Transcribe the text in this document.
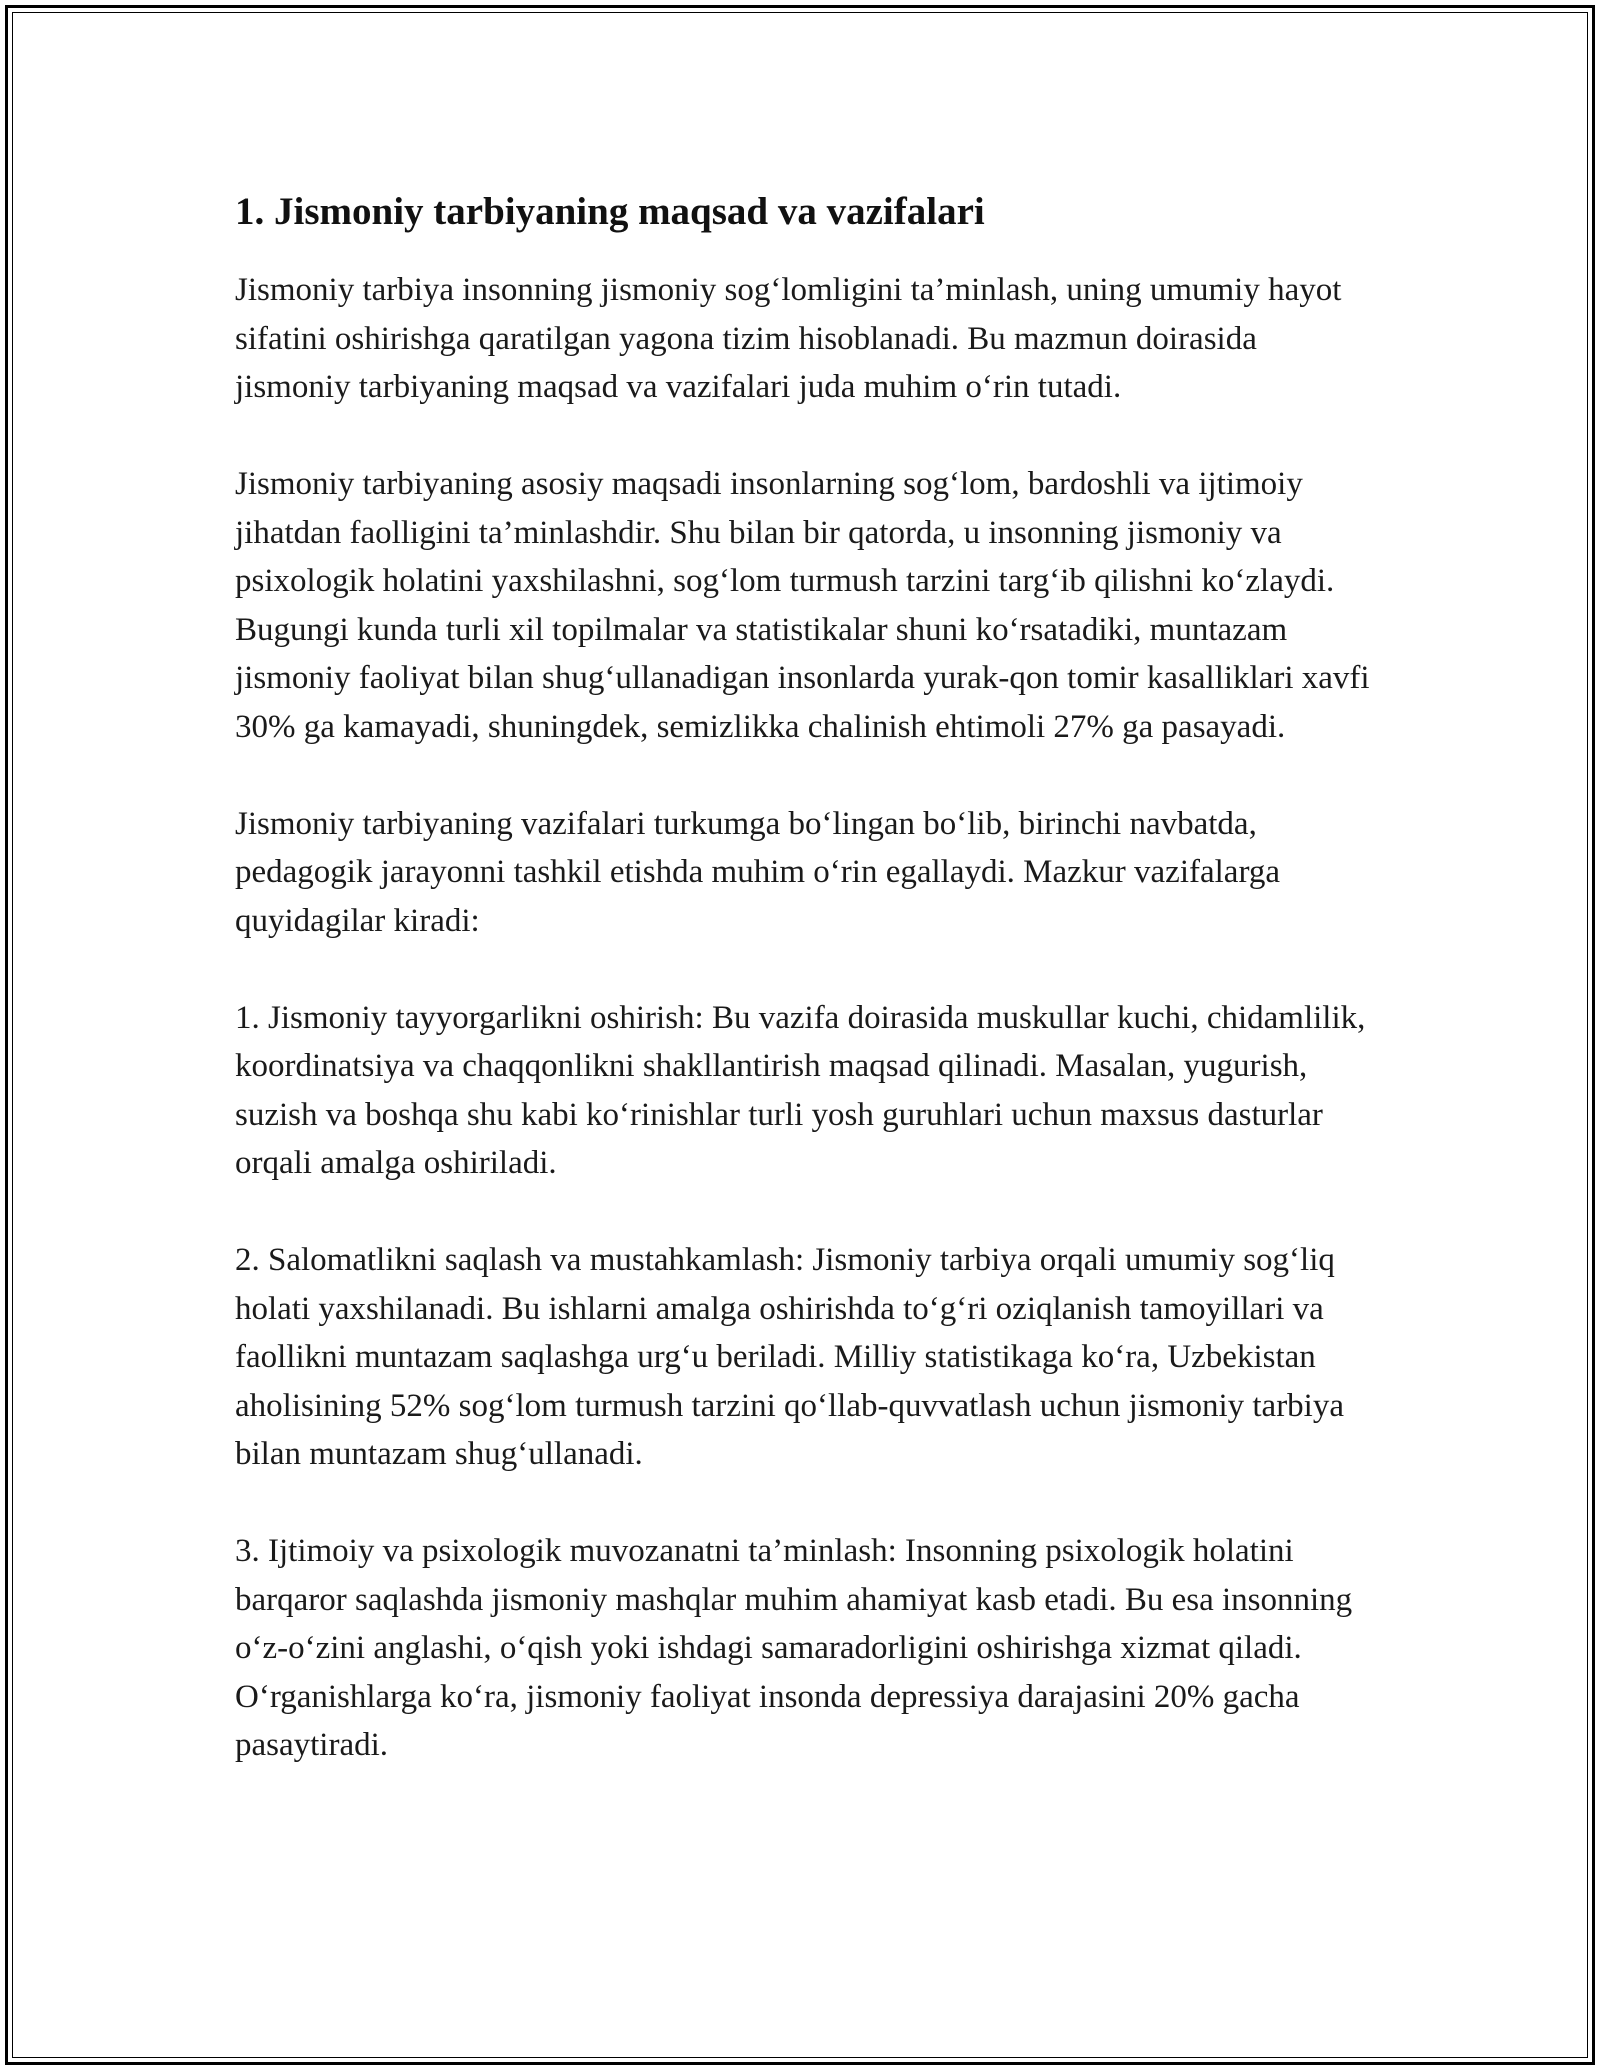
1. Jismoniy tarbiyaning maqsad va vazifalari

Jismoniy tarbiya insonning jismoniy sog‘lomligini ta’minlash, uning umumiy hayot sifatini oshirishga qaratilgan yagona tizim hisoblanadi. Bu mazmun doirasida jismoniy tarbiyaning maqsad va vazifalari juda muhim o‘rin tutadi.

Jismoniy tarbiyaning asosiy maqsadi insonlarning sog‘lom, bardoshli va ijtimoiy jihatdan faolligini ta’minlashdir. Shu bilan bir qatorda, u insonning jismoniy va psixologik holatini yaxshilashni, sog‘lom turmush tarzini targ‘ib qilishni ko‘zlaydi. Bugungi kunda turli xil topilmalar va statistikalar shuni ko‘rsatadiki, muntazam jismoniy faoliyat bilan shug‘ullanadigan insonlarda yurak-qon tomir kasalliklari xavfi 30% ga kamayadi, shuningdek, semizlikka chalinish ehtimoli 27% ga pasayadi.

Jismoniy tarbiyaning vazifalari turkumga bo‘lingan bo‘lib, birinchi navbatda, pedagogik jarayonni tashkil etishda muhim o‘rin egallaydi. Mazkur vazifalarga quyidagilar kiradi:

1. Jismoniy tayyorgarlikni oshirish: Bu vazifa doirasida muskullar kuchi, chidamlilik, koordinatsiya va chaqqonlikni shakllantirish maqsad qilinadi. Masalan, yugurish, suzish va boshqa shu kabi ko‘rinishlar turli yosh guruhlari uchun maxsus dasturlar orqali amalga oshiriladi.

2. Salomatlikni saqlash va mustahkamlash: Jismoniy tarbiya orqali umumiy sog‘liq holati yaxshilanadi. Bu ishlarni amalga oshirishda to‘g‘ri oziqlanish tamoyillari va faollikni muntazam saqlashga urg‘u beriladi. Milliy statistikaga ko‘ra, Uzbekistan aholisining 52% sog‘lom turmush tarzini qo‘llab-quvvatlash uchun jismoniy tarbiya bilan muntazam shug‘ullanadi.

3. Ijtimoiy va psixologik muvozanatni ta’minlash: Insonning psixologik holatini barqaror saqlashda jismoniy mashqlar muhim ahamiyat kasb etadi. Bu esa insonning o‘z-o‘zini anglashi, o‘qish yoki ishdagi samaradorligini oshirishga xizmat qiladi. O‘rganishlarga ko‘ra, jismoniy faoliyat insonda depressiya darajasini 20% gacha pasaytiradi.
